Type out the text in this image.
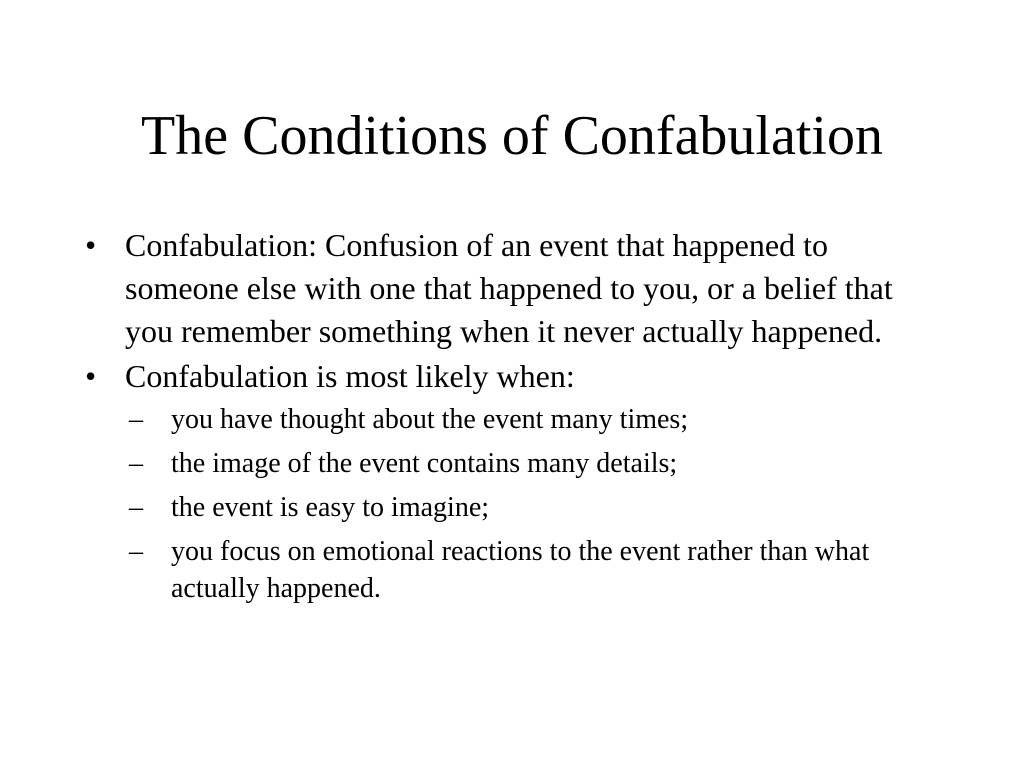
The Conditions of Confabulation
• Confabulation: Confusion of an event that happened to someone else with one that happened to you, or a belief that you remember something when it never actually happened.
• Confabulation is most likely when:
–	you have thought about the event many times;
–	the image of the event contains many details;
–	the event is easy to imagine;
–	you focus on emotional reactions to the event rather than what actually happened.
